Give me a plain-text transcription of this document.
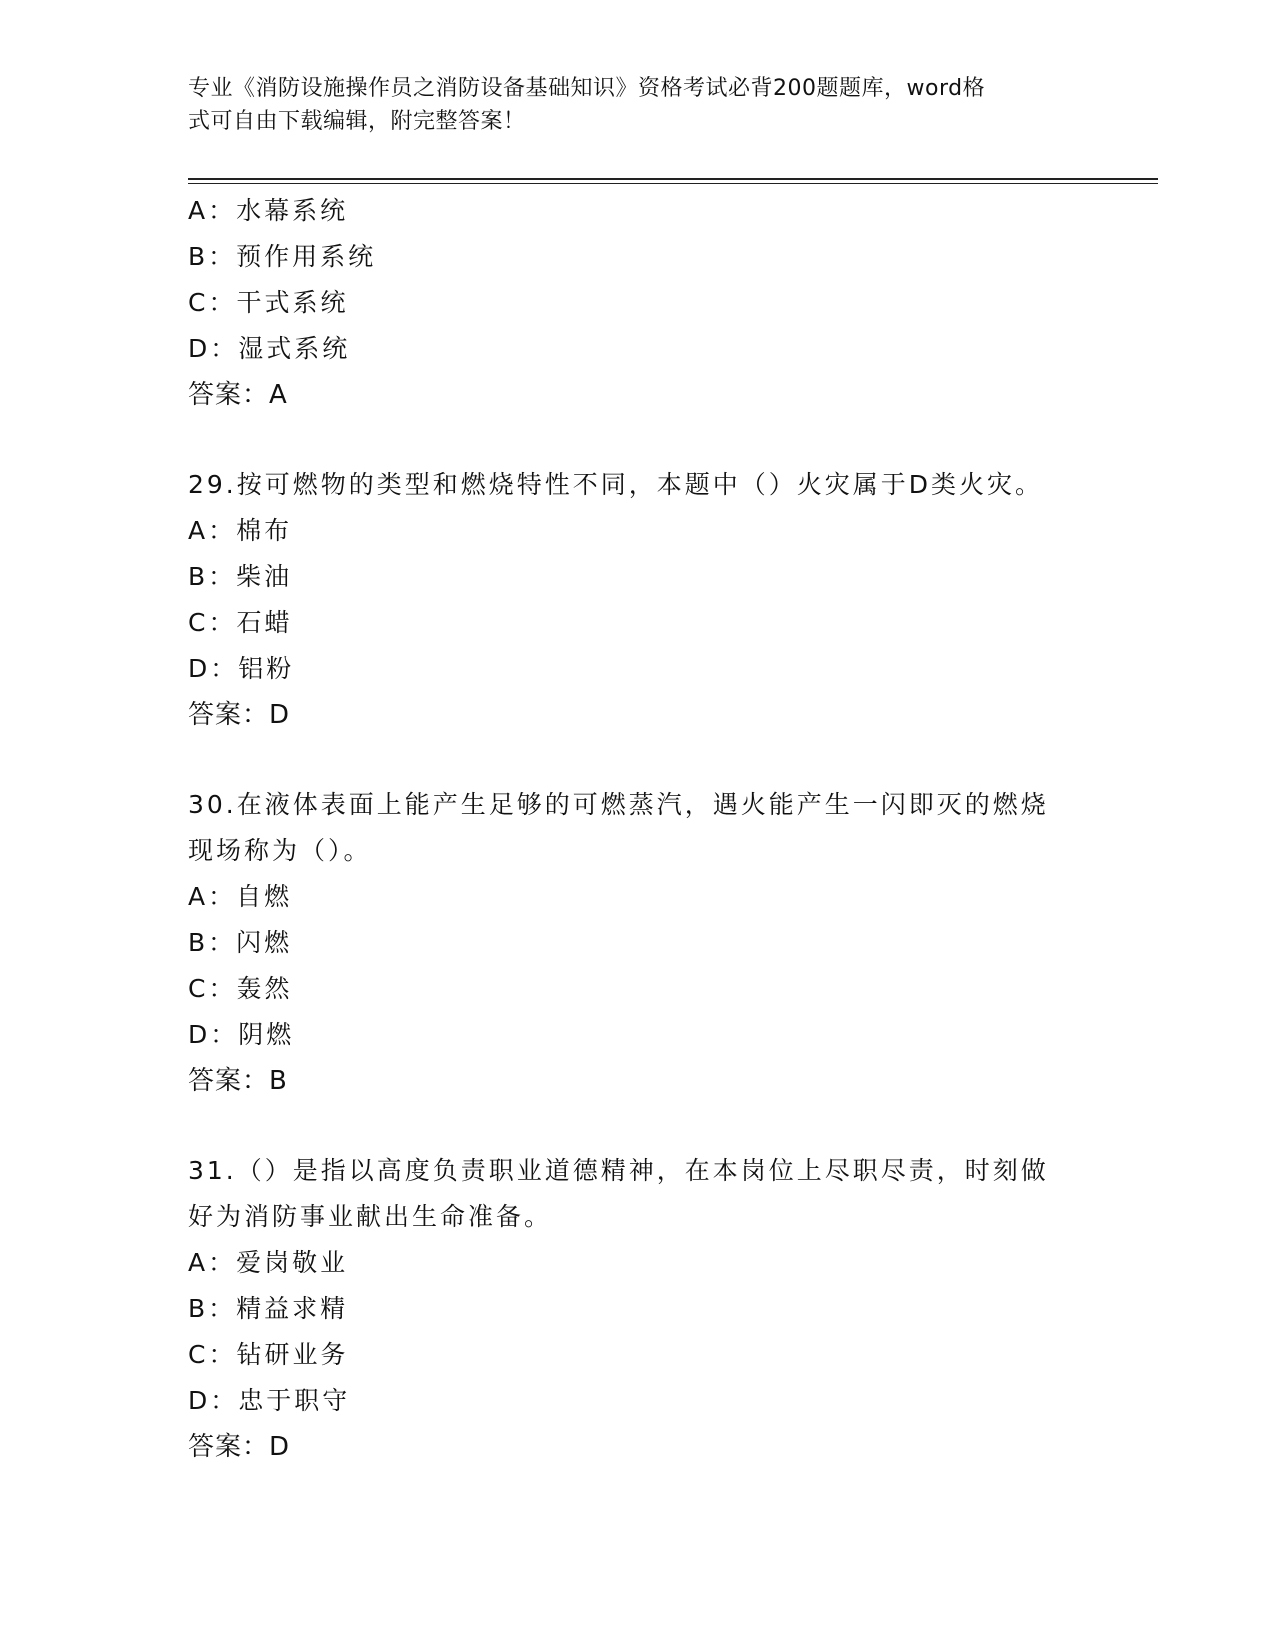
专业《消防设施操作员之消防设备基础知识》资格考试必背200题题库，word格
式可自由下载编辑，附完整答案！
A：水幕系统
B：预作用系统
C：干式系统
D：湿式系统
答案：A
29.按可燃物的类型和燃烧特性不同，本题中（）火灾属于D类火灾。
A：棉布
B：柴油
C：石蜡
D：铝粉
答案：D
30.在液体表面上能产生足够的可燃蒸汽，遇火能产生一闪即灭的燃烧
现场称为（）。
A：自燃
B：闪燃
C：轰然
D：阴燃
答案：B
31.（）是指以高度负责职业道德精神，在本岗位上尽职尽责，时刻做
好为消防事业献出生命准备。
A：爱岗敬业
B：精益求精
C：钻研业务
D：忠于职守
答案：D
